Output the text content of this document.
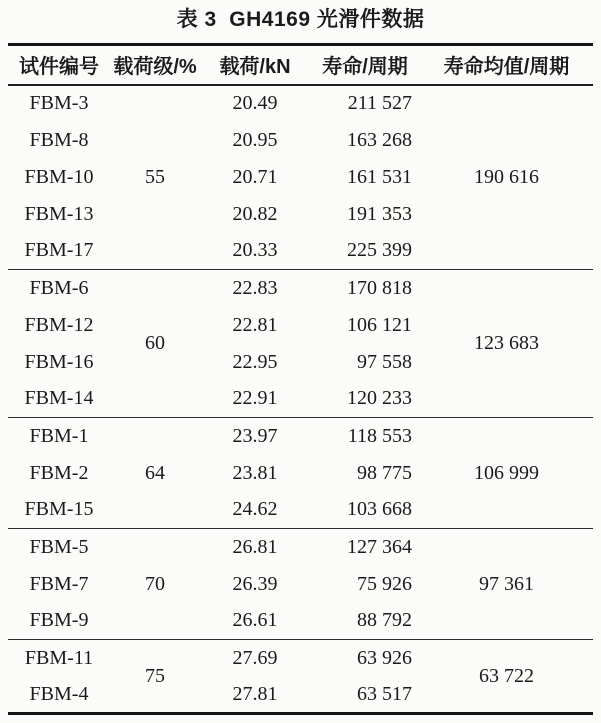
表 3  GH4169 光滑件数据
试件编号	载荷级/%	载荷/kN	寿命/周期	寿命均值/周期
FBM-3	55	20.49	211 527	190 616
FBM-8		20.95	163 268	
FBM-10		20.71	161 531	
FBM-13		20.82	191 353	
FBM-17		20.33	225 399	
FBM-6	60	22.83	170 818	123 683
FBM-12		22.81	106 121	
FBM-16		22.95	97 558	
FBM-14		22.91	120 233	
FBM-1	64	23.97	118 553	106 999
FBM-2		23.81	98 775	
FBM-15		24.62	103 668	
FBM-5	70	26.81	127 364	97 361
FBM-7		26.39	75 926	
FBM-9		26.61	88 792	
FBM-11	75	27.69	63 926	63 722
FBM-4		27.81	63 517	
